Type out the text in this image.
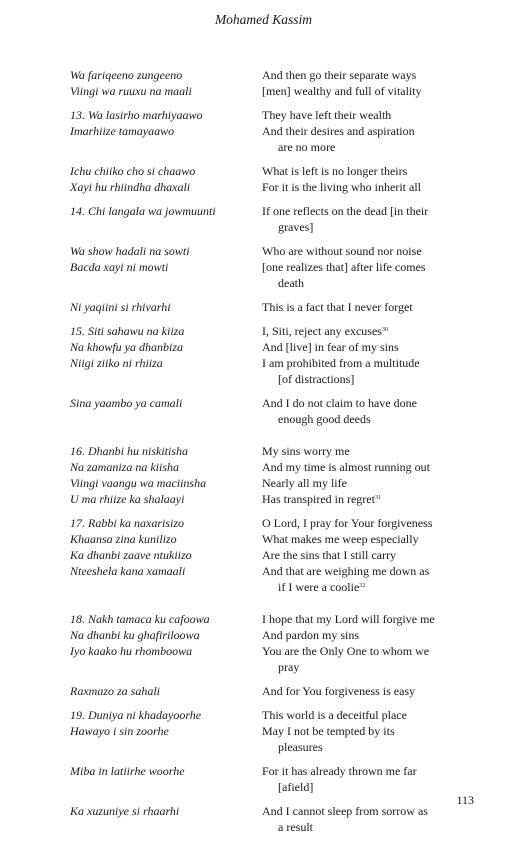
Mohamed Kassim
Wa fariqeeno zungeeno	And then go their separate ways
Viingi wa ruuxu na maali	[men] wealthy and full of vitality
13. Wa lasirho marhiyaawo	They have left their wealth
Imarhiize tamayaawo	And their desires and aspiration
are no more
Ichu chiiko cho si chaawo	What is left is no longer theirs
Xayi hu rhiindha dhaxali	For it is the living who inherit all
14. Chi langala wa jowmuunti	If one reflects on the dead [in their
graves]
Wa show hadali na sowti	Who are without sound nor noise
Bacda xayi ni mowti	[one realizes that] after life comes
death
Ni yaqiini si rhivarhi	This is a fact that I never forget
15. Siti sahawu na kiiza	I, Siti, reject any excuses$^{30}$
Na khowfu ya dhanbiza	And [live] in fear of my sins
Niigi ziiko ni rhiiza	I am prohibited from a multitude
[of distractions]
Sina yaambo ya camali	And I do not claim to have done
enough good deeds
16. Dhanbi hu niskitisha	My sins worry me
Na zamaniza na kiisha	And my time is almost running out
Viingi vaangu wa maciinsha	Nearly all my life
U ma rhiize ka shalaayi	Has transpired in regret$^{31}$
17. Rabbi ka naxarisizo	O Lord, I pray for Your forgiveness
Khaansa zina kunilizo	What makes me weep especially
Ka dhanbi zaave ntukiizo	Are the sins that I still carry
Nteeshela kana xamaali	And that are weighing me down as
if I were a coolie$^{32}$
18. Nakh tamaca ku cafoowa	I hope that my Lord will forgive me
Na dhanbi ku ghafiriloowa	And pardon my sins
Iyo kaako hu rhomboowa	You are the Only One to whom we
pray
Raxmazo za sahali	And for You forgiveness is easy
19. Duniya ni khadayoorhe	This world is a deceitful place
Hawayo i sin zoorhe	May I not be tempted by its
pleasures
Miba in latiirhe woorhe	For it has already thrown me far
[afield]
Ka xuzuniye si rhaarhi	And I cannot sleep from sorrow as
a result
113
